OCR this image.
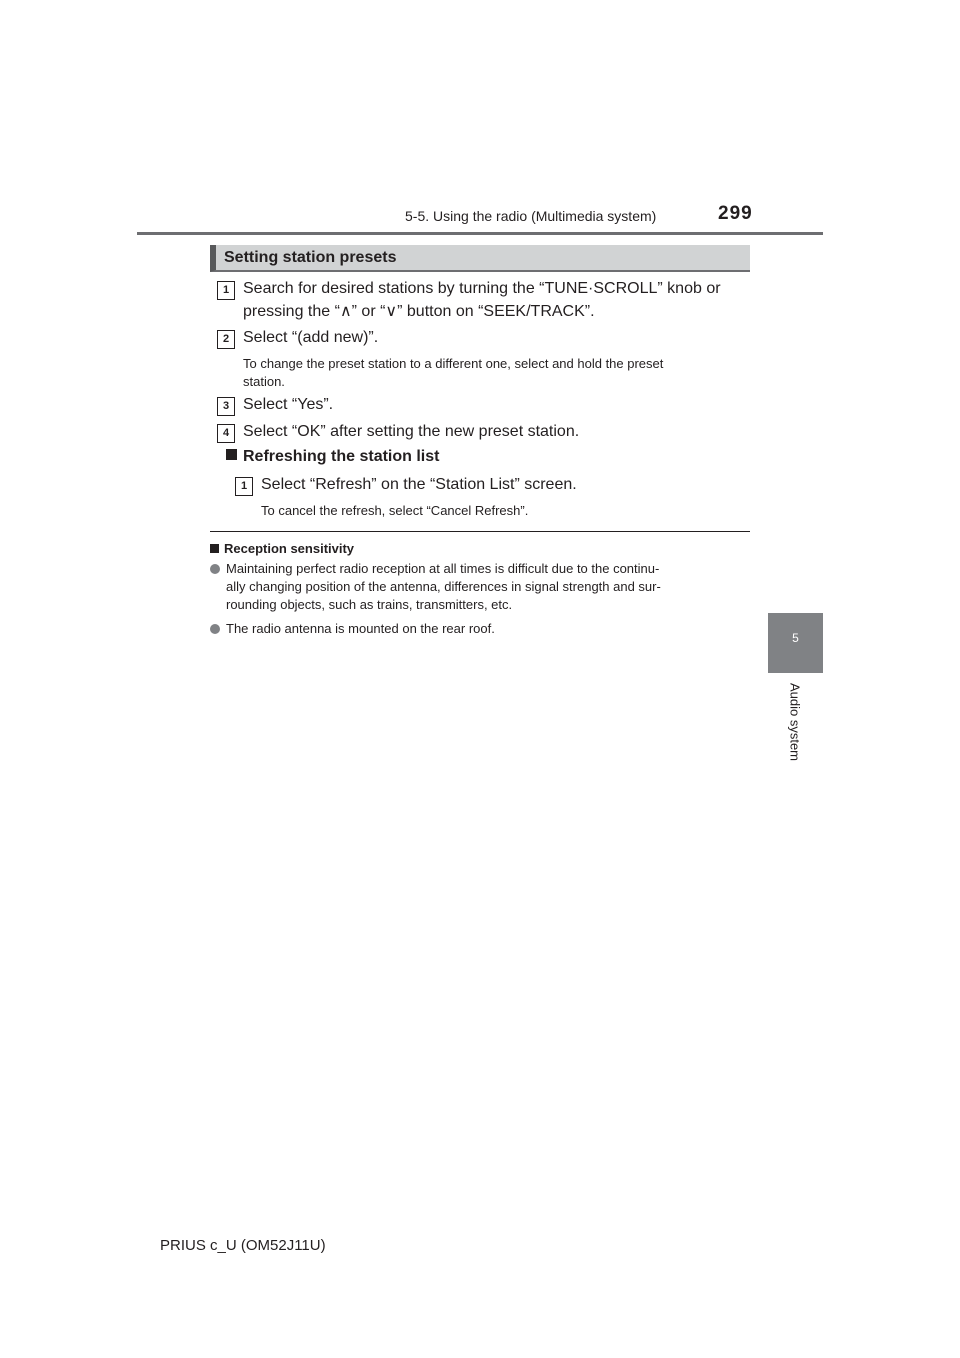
5-5. Using the radio (Multimedia system)	299
5
Audio system
Setting station presets
1 Search for desired stations by turning the “TUNE·SCROLL” knob or
pressing the “∧” or “∨” button on “SEEK/TRACK”.
2 Select “(add new)”.
To change the preset station to a different one, select and hold the preset
station.
3 Select “Yes”.
4 Select “OK” after setting the new preset station.
Refreshing the station list
1 Select “Refresh” on the “Station List” screen.
To cancel the refresh, select “Cancel Refresh”.
Reception sensitivity
Maintaining perfect radio reception at all times is difficult due to the continu-
ally changing position of the antenna, differences in signal strength and sur-
rounding objects, such as trains, transmitters, etc.
The radio antenna is mounted on the rear roof.
PRIUS c_U (OM52J11U)
